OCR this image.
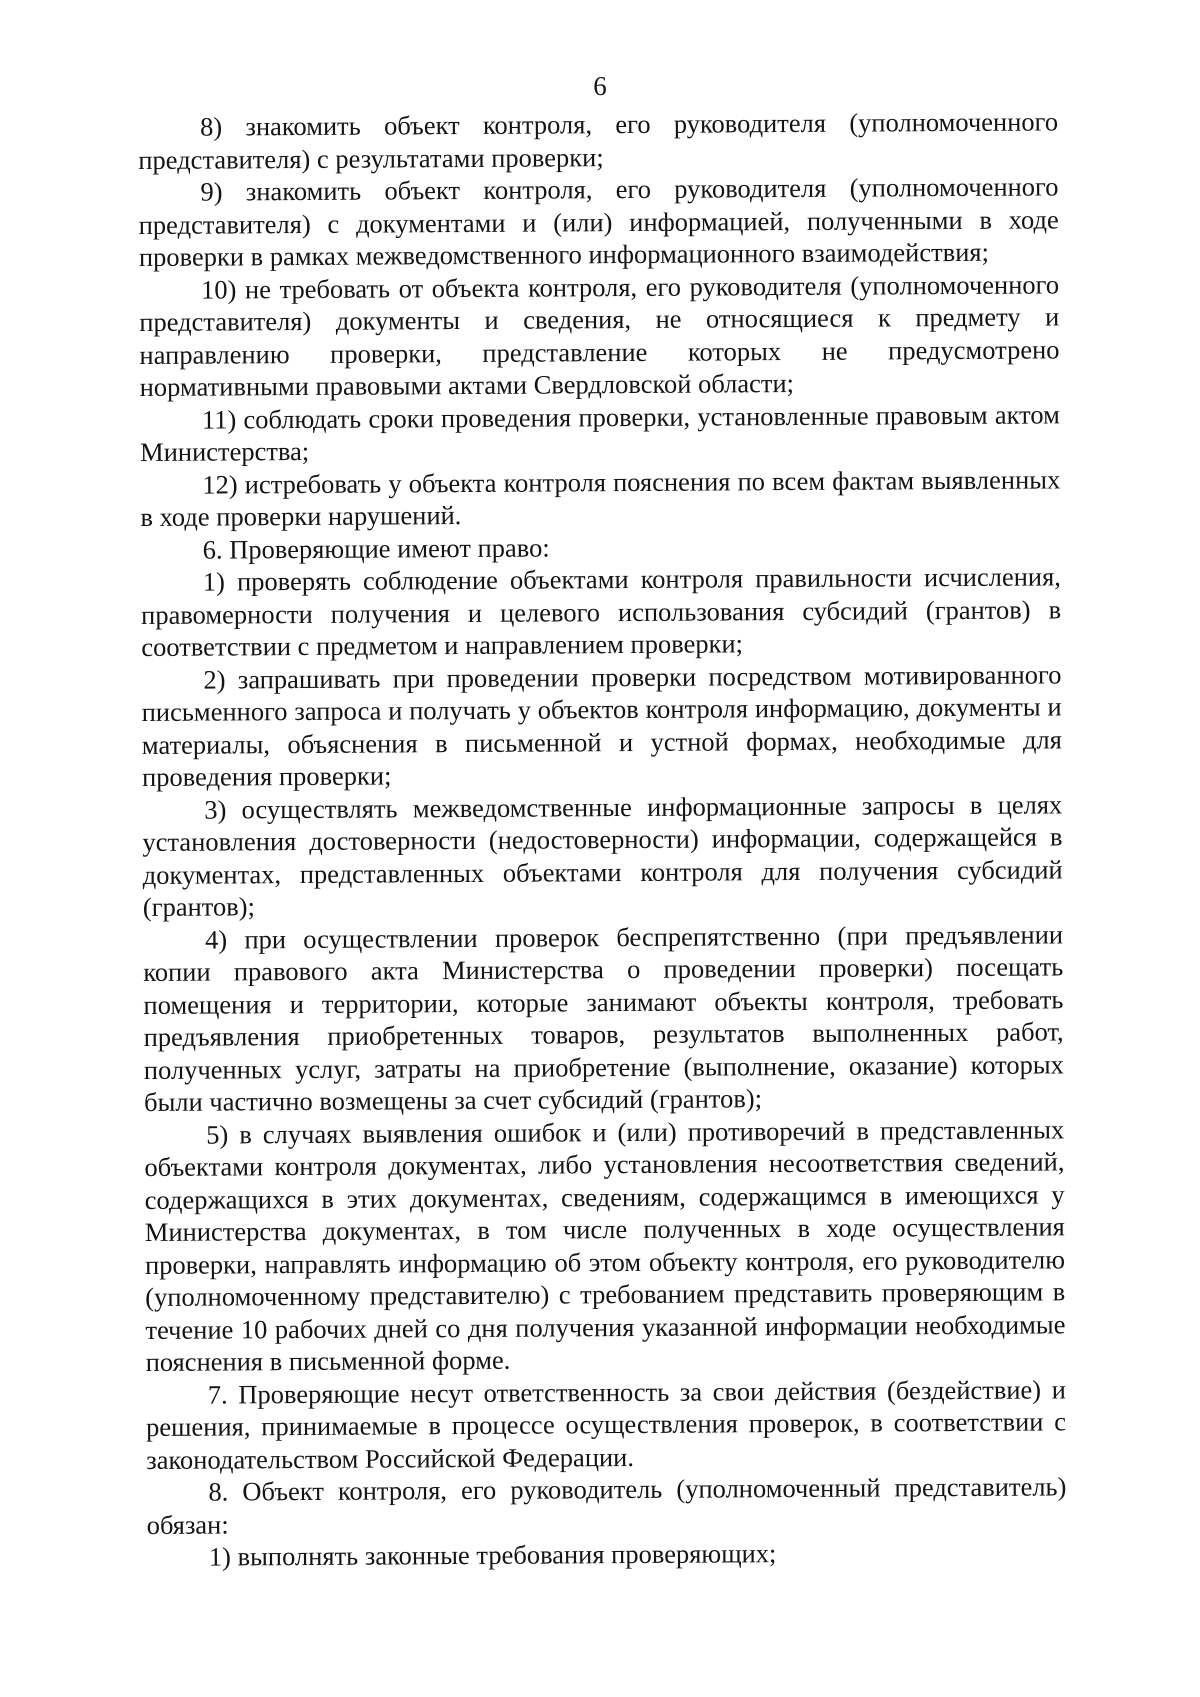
6

8) знакомить объект контроля, его руководителя (уполномоченного представителя) с результатами проверки;

9) знакомить объект контроля, его руководителя (уполномоченного представителя) с документами и (или) информацией, полученными в ходе проверки в рамках межведомственного информационного взаимодействия;

10) не требовать от объекта контроля, его руководителя (уполномоченного представителя) документы и сведения, не относящиеся к предмету и направлению проверки, представление которых не предусмотрено нормативными правовыми актами Свердловской области;

11) соблюдать сроки проведения проверки, установленные правовым актом Министерства;

12) истребовать у объекта контроля пояснения по всем фактам выявленных в ходе проверки нарушений.

6. Проверяющие имеют право:

1) проверять соблюдение объектами контроля правильности исчисления, правомерности получения и целевого использования субсидий (грантов) в соответствии с предметом и направлением проверки;

2) запрашивать при проведении проверки посредством мотивированного письменного запроса и получать у объектов контроля информацию, документы и материалы, объяснения в письменной и устной формах, необходимые для проведения проверки;

3) осуществлять межведомственные информационные запросы в целях установления достоверности (недостоверности) информации, содержащейся в документах, представленных объектами контроля для получения субсидий (грантов);

4) при осуществлении проверок беспрепятственно (при предъявлении копии правового акта Министерства о проведении проверки) посещать помещения и территории, которые занимают объекты контроля, требовать предъявления приобретенных товаров, результатов выполненных работ, полученных услуг, затраты на приобретение (выполнение, оказание) которых были частично возмещены за счет субсидий (грантов);

5) в случаях выявления ошибок и (или) противоречий в представленных объектами контроля документах, либо установления несоответствия сведений, содержащихся в этих документах, сведениям, содержащимся в имеющихся у Министерства документах, в том числе полученных в ходе осуществления проверки, направлять информацию об этом объекту контроля, его руководителю (уполномоченному представителю) с требованием представить проверяющим в течение 10 рабочих дней со дня получения указанной информации необходимые пояснения в письменной форме.

7. Проверяющие несут ответственность за свои действия (бездействие) и решения, принимаемые в процессе осуществления проверок, в соответствии с законодательством Российской Федерации.

8. Объект контроля, его руководитель (уполномоченный представитель) обязан:

1) выполнять законные требования проверяющих;
